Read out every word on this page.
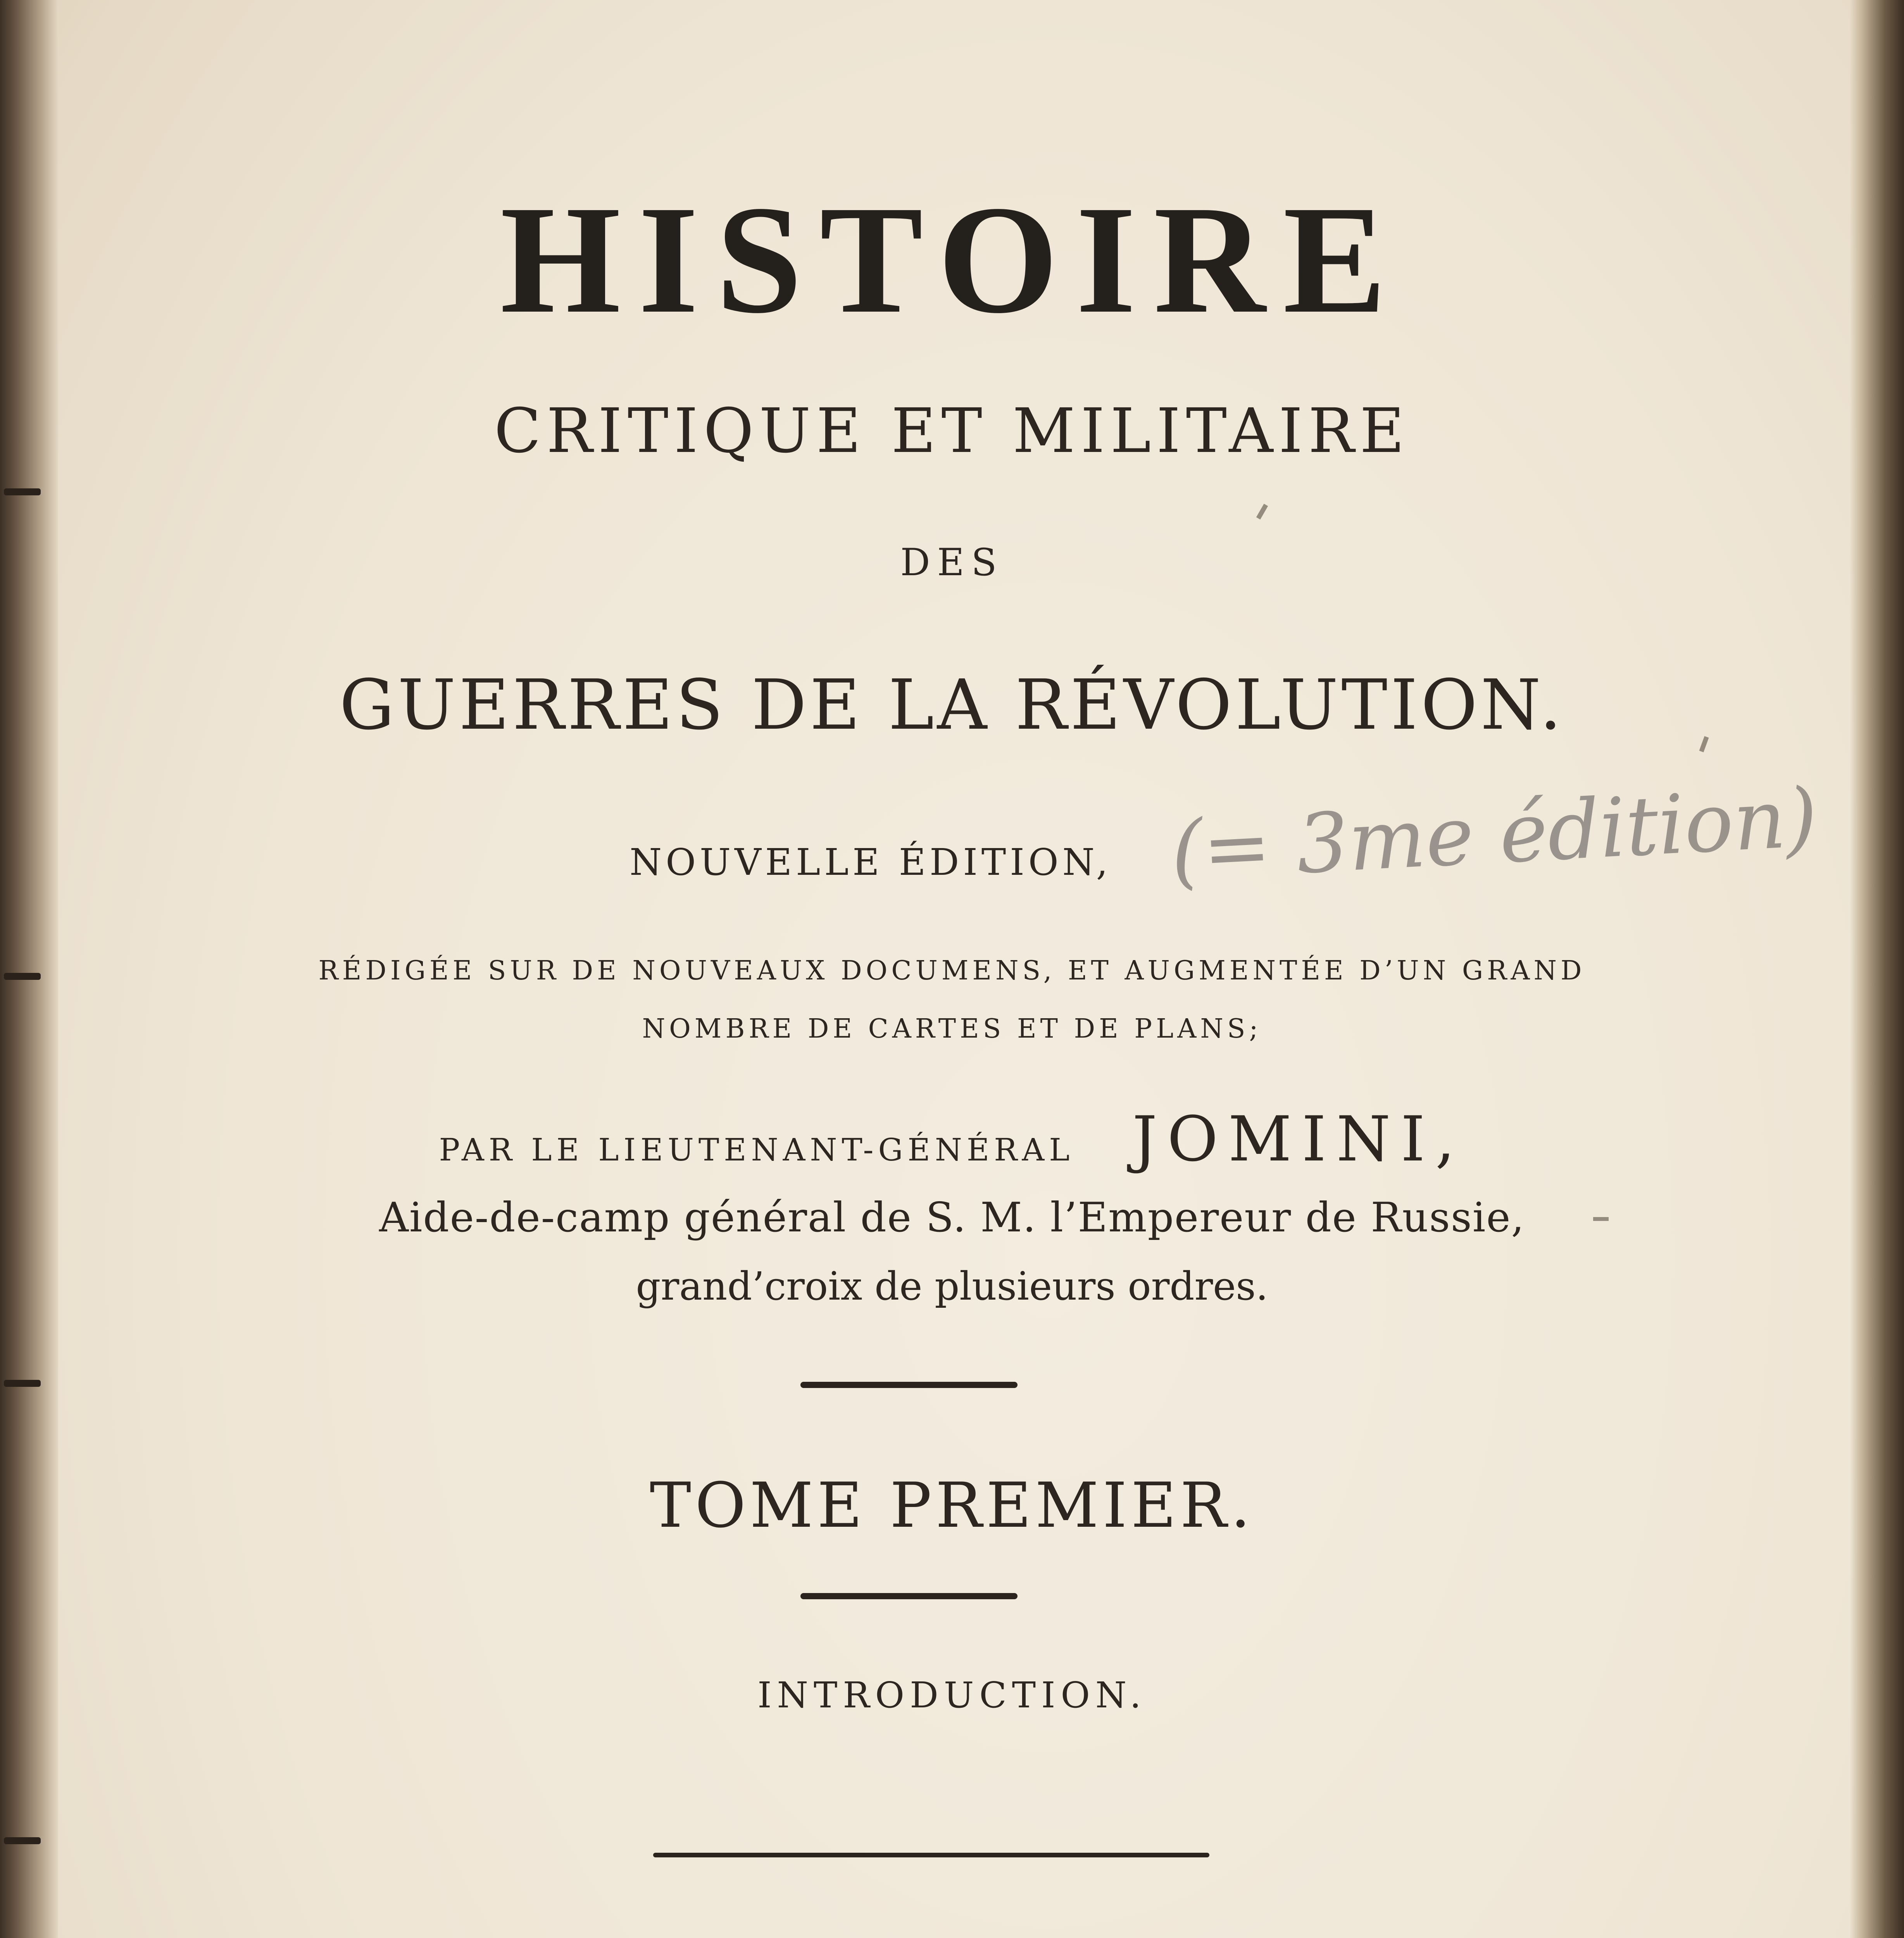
HISTOIRE
CRITIQUE ET MILITAIRE
DES
GUERRES DE LA RÉVOLUTION.
NOUVELLE ÉDITION, (= 3me édition)
RÉDIGÉE SUR DE NOUVEAUX DOCUMENS, ET AUGMENTÉE D’UN GRAND
NOMBRE DE CARTES ET DE PLANS;
PAR LE LIEUTENANT-GÉNÉRAL JOMINI,
Aide-de-camp général de S. M. l’Empereur de Russie,
grand’croix de plusieurs ordres.
TOME PREMIER.
INTRODUCTION.
